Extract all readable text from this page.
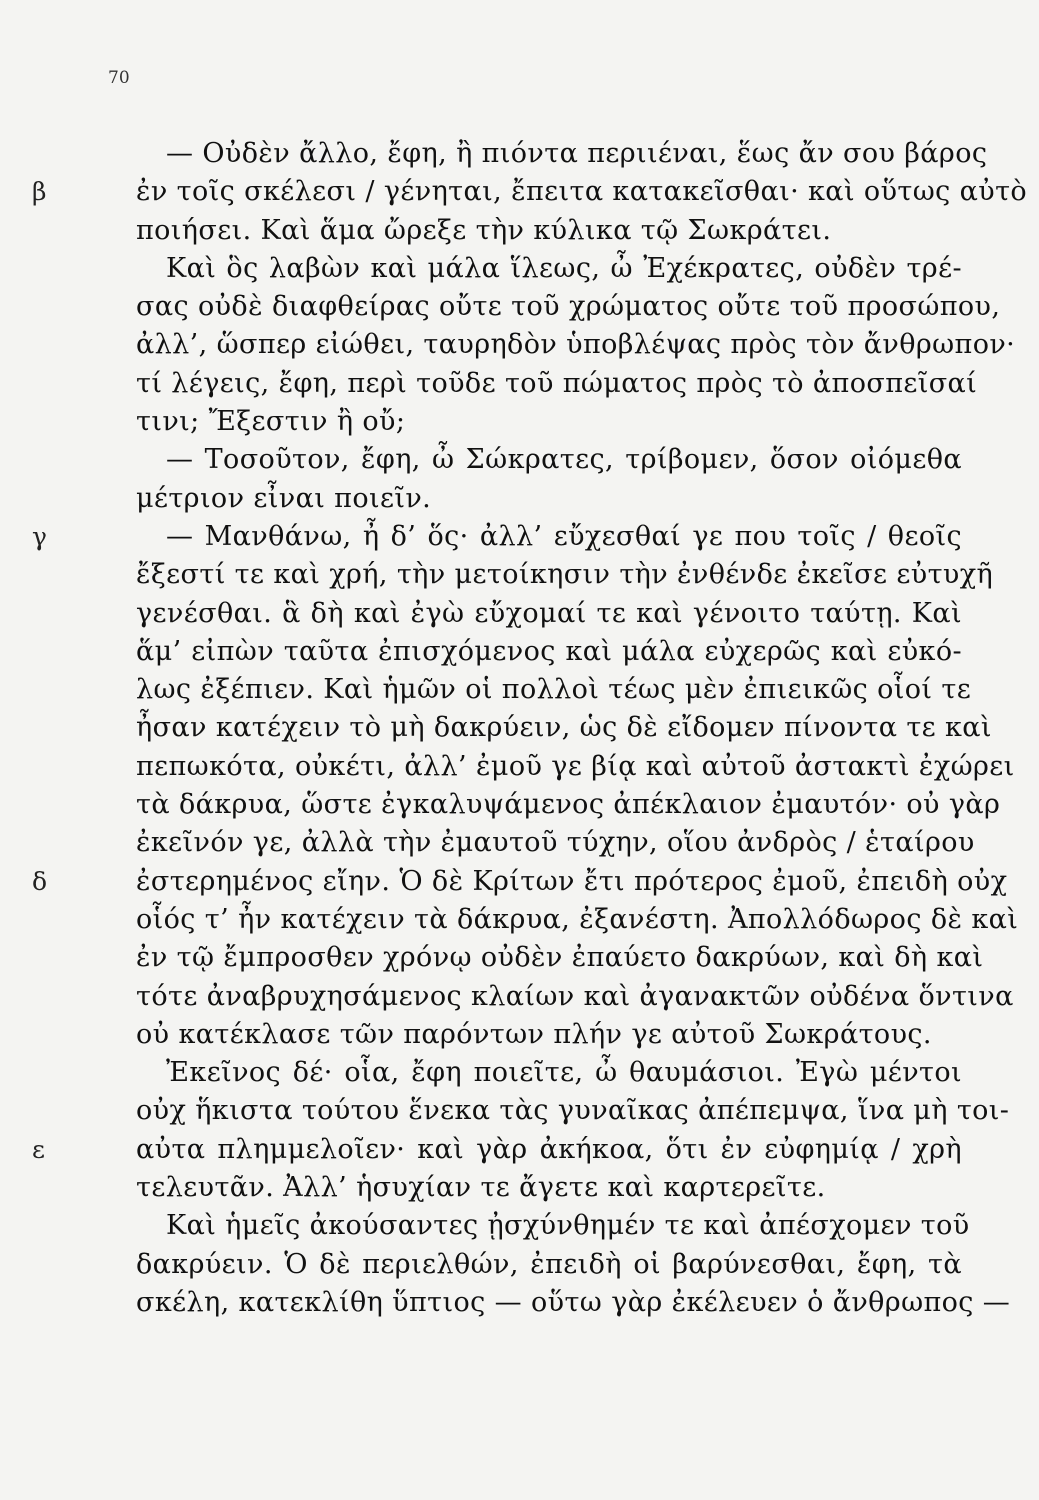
70
— Οὐδὲν ἄλλο, ἔφη, ἢ πιόντα περιιέναι, ἕως ἄν σου βάρος
β	ἐν τοῖς σκέλεσι / γένηται, ἔπειτα κατακεῖσθαι· καὶ οὕτως αὐτὸ
ποιήσει. Καὶ ἅμα ὤρεξε τὴν κύλικα τῷ Σωκράτει.
Καὶ ὃς λαβὼν καὶ μάλα ἵλεως, ὦ Ἐχέκρατες, οὐδὲν τρέ-
σας οὐδὲ διαφθείρας οὔτε τοῦ χρώματος οὔτε τοῦ προσώπου,
ἀλλ’, ὥσπερ εἰώθει, ταυρηδὸν ὑποβλέψας πρὸς τὸν ἄνθρωπον·
τί λέγεις, ἔφη, περὶ τοῦδε τοῦ πώματος πρὸς τὸ ἀποσπεῖσαί
τινι; Ἔξεστιν ἢ οὔ;
— Τοσοῦτον, ἔφη, ὦ Σώκρατες, τρίβομεν, ὅσον οἰόμεθα
μέτριον εἶναι ποιεῖν.
γ	— Μανθάνω, ἦ δ’ ὅς· ἀλλ’ εὔχεσθαί γε που τοῖς / θεοῖς
ἔξεστί τε καὶ χρή, τὴν μετοίκησιν τὴν ἐνθένδε ἐκεῖσε εὐτυχῆ
γενέσθαι. ἃ δὴ καὶ ἐγὼ εὔχομαί τε καὶ γένοιτο ταύτῃ. Καὶ
ἅμ’ εἰπὼν ταῦτα ἐπισχόμενος καὶ μάλα εὐχερῶς καὶ εὐκό-
λως ἐξέπιεν. Καὶ ἡμῶν οἱ πολλοὶ τέως μὲν ἐπιεικῶς οἷοί τε
ἦσαν κατέχειν τὸ μὴ δακρύειν, ὡς δὲ εἴδομεν πίνοντα τε καὶ
πεπωκότα, οὐκέτι, ἀλλ’ ἐμοῦ γε βίᾳ καὶ αὐτοῦ ἀστακτὶ ἐχώρει
τὰ δάκρυα, ὥστε ἐγκαλυψάμενος ἀπέκλαιον ἐμαυτόν· οὐ γὰρ
ἐκεῖνόν γε, ἀλλὰ τὴν ἐμαυτοῦ τύχην, οἵου ἀνδρὸς / ἑταίρου
δ	ἐστερημένος εἴην. Ὁ δὲ Κρίτων ἔτι πρότερος ἐμοῦ, ἐπειδὴ οὐχ
οἷός τ’ ἦν κατέχειν τὰ δάκρυα, ἐξανέστη. Ἀπολλόδωρος δὲ καὶ
ἐν τῷ ἔμπροσθεν χρόνῳ οὐδὲν ἐπαύετο δακρύων, καὶ δὴ καὶ
τότε ἀναβρυχησάμενος κλαίων καὶ ἀγανακτῶν οὐδένα ὅντινα
οὐ κατέκλασε τῶν παρόντων πλήν γε αὐτοῦ Σωκράτους.
Ἐκεῖνος δέ· οἷα, ἔφη ποιεῖτε, ὦ θαυμάσιοι. Ἐγὼ μέντοι
οὐχ ἥκιστα τούτου ἕνεκα τὰς γυναῖκας ἀπέπεμψα, ἵνα μὴ τοι-
ε	αὐτα πλημμελοῖεν· καὶ γὰρ ἀκήκοα, ὅτι ἐν εὐφημίᾳ / χρὴ
τελευτᾶν. Ἀλλ’ ἡσυχίαν τε ἄγετε καὶ καρτερεῖτε.
Καὶ ἡμεῖς ἀκούσαντες ᾐσχύνθημέν τε καὶ ἀπέσχομεν τοῦ
δακρύειν. Ὁ δὲ περιελθών, ἐπειδὴ οἱ βαρύνεσθαι, ἔφη, τὰ
σκέλη, κατεκλίθη ὕπτιος — οὕτω γὰρ ἐκέλευεν ὁ ἄνθρωπος —
